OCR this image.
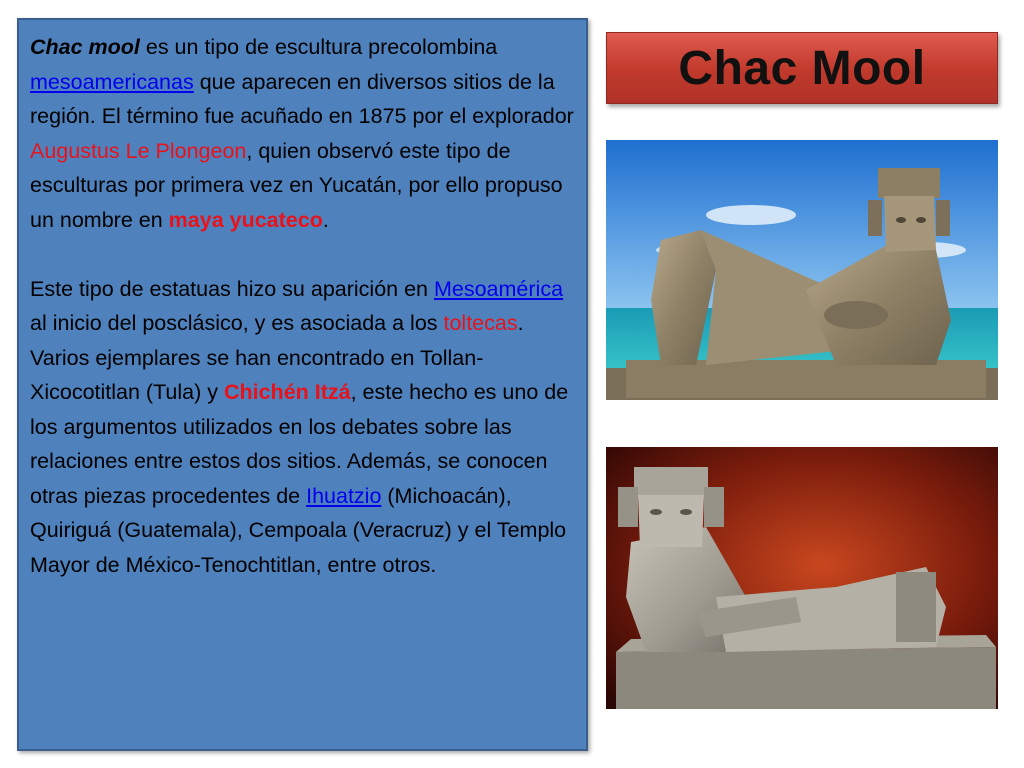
Chac mool es un tipo de escultura precolombina mesoamericanas que aparecen en diversos sitios de la región. El término fue acuñado en 1875 por el explorador Augustus Le Plongeon, quien observó este tipo de esculturas por primera vez en Yucatán, por ello propuso un nombre en maya yucateco.

Este tipo de estatuas hizo su aparición en Mesoamérica al inicio del posclásico, y es asociada a los toltecas. Varios ejemplares se han encontrado en Tollan-Xicocotitlan (Tula) y Chichén Itzá, este hecho es uno de los argumentos utilizados en los debates sobre las relaciones entre estos dos sitios. Además, se conocen otras piezas procedentes de Ihuatzio (Michoacán), Quiriguá (Guatemala), Cempoala (Veracruz) y el Templo Mayor de México-Tenochtitlan, entre otros.

Chac Mool
